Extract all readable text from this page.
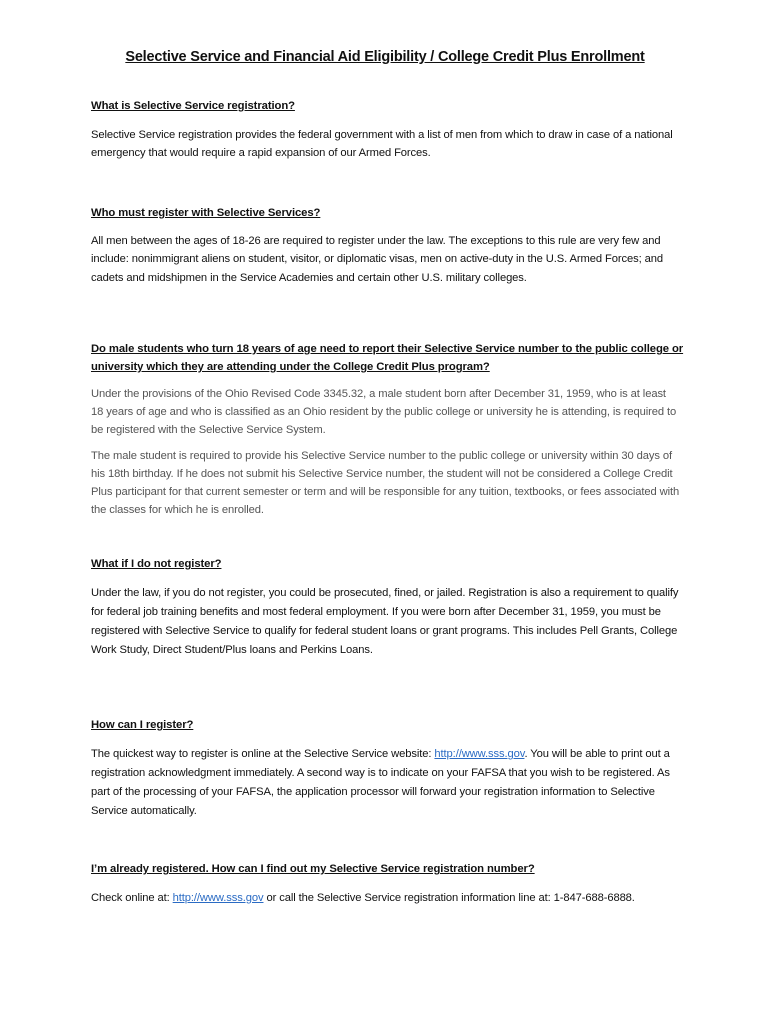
Selective Service and Financial Aid Eligibility / College Credit Plus Enrollment
What is Selective Service registration?

Selective Service registration provides the federal government with a list of men from which to draw in case of a national emergency that would require a rapid expansion of our Armed Forces.

Who must register with Selective Services?

All men between the ages of 18-26 are required to register under the law. The exceptions to this rule are very few and include: nonimmigrant aliens on student, visitor, or diplomatic visas, men on active-duty in the U.S. Armed Forces; and cadets and midshipmen in the Service Academies and certain other U.S. military colleges.

Do male students who turn 18 years of age need to report their Selective Service number to the public college or university which they are attending under the College Credit Plus program?

Under the provisions of the Ohio Revised Code 3345.32, a male student born after December 31, 1959, who is at least 18 years of age and who is classified as an Ohio resident by the public college or university he is attending, is required to be registered with the Selective Service System.

The male student is required to provide his Selective Service number to the public college or university within 30 days of his 18th birthday. If he does not submit his Selective Service number, the student will not be considered a College Credit Plus participant for that current semester or term and will be responsible for any tuition, textbooks, or fees associated with the classes for which he is enrolled.

What if I do not register?

Under the law, if you do not register, you could be prosecuted, fined, or jailed. Registration is also a requirement to qualify for federal job training benefits and most federal employment. If you were born after December 31, 1959, you must be registered with Selective Service to qualify for federal student loans or grant programs. This includes Pell Grants, College Work Study, Direct Student/Plus loans and Perkins Loans.

How can I register?

The quickest way to register is online at the Selective Service website: http://www.sss.gov. You will be able to print out a registration acknowledgment immediately. A second way is to indicate on your FAFSA that you wish to be registered. As part of the processing of your FAFSA, the application processor will forward your registration information to Selective Service automatically.

I’m already registered. How can I find out my Selective Service registration number?

Check online at: http://www.sss.gov or call the Selective Service registration information line at: 1-847-688-6888.
